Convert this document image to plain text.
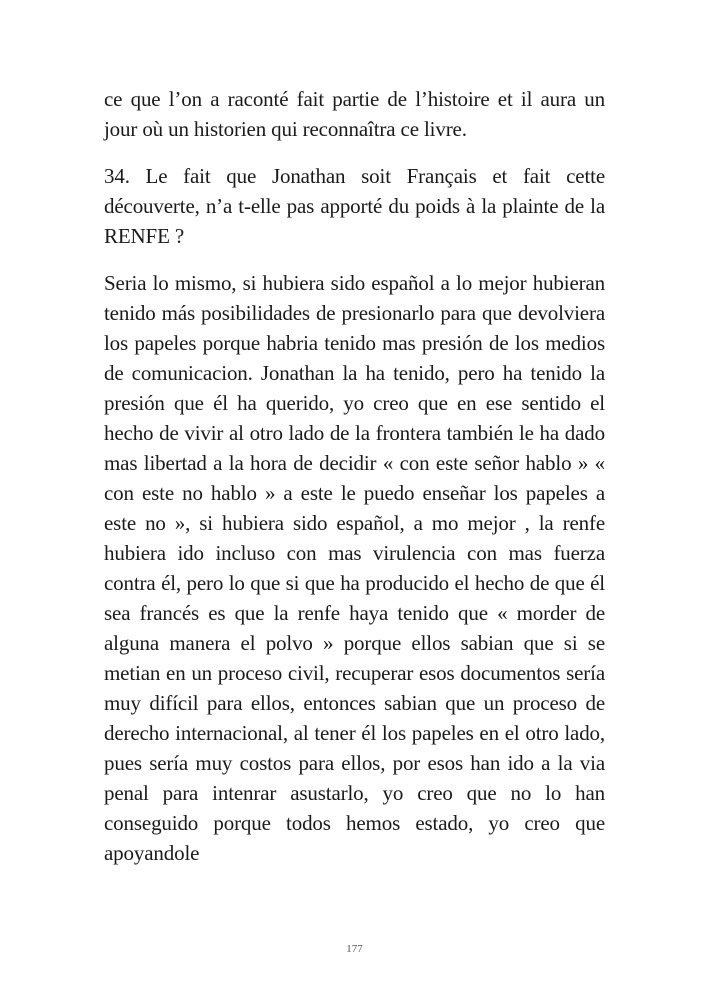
ce que l’on a raconté fait partie de l’histoire et il aura un jour où un historien qui reconnaîtra ce livre.

34. Le fait que Jonathan soit Français et fait cette découverte, n’a t-elle pas apporté du poids à la plainte de la RENFE ?

Seria lo mismo, si hubiera sido español a lo mejor hubieran tenido más posibilidades de presionarlo para que devolviera los papeles porque habria tenido mas presión de los medios de comunicacion. Jonathan la ha tenido, pero ha tenido la presión que él ha querido, yo creo que en ese sentido el hecho de vivir al otro lado de la frontera también le ha dado mas libertad a la hora de decidir « con este señor hablo » « con este no hablo » a este le puedo enseñar los papeles a este no », si hubiera sido español, a mo mejor , la renfe hubiera ido incluso con mas virulencia con mas fuerza contra él, pero lo que si que ha producido el hecho de que él sea francés es que la renfe haya tenido que « morder de alguna manera el polvo » porque ellos sabian que si se metian en un proceso civil, recuperar esos documentos sería muy difícil para ellos, entonces sabian que un proceso de derecho internacional, al tener él los papeles en el otro lado, pues sería muy costos para ellos, por esos han ido a la via penal para intenrar asustarlo, yo creo que no lo han conseguido porque todos hemos estado, yo creo que apoyandole

177
